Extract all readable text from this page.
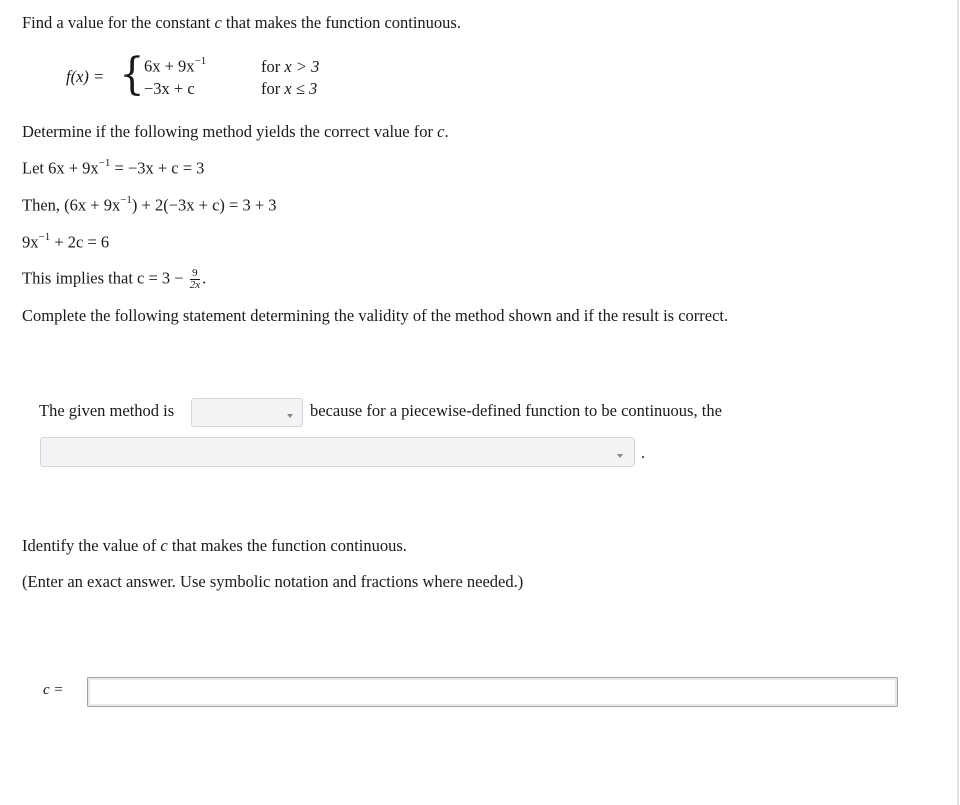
Find a value for the constant c that makes the function continuous.
f(x) = { $6x + 9x^{-1}$	for x > 3
−3x + c	for x ≤ 3
Determine if the following method yields the correct value for c.
Let $6x + 9x^{-1} = -3x + c = 3$
Then, $(6x + 9x^{-1}) + 2(-3x + c) = 3 + 3$
$9x^{-1} + 2c = 6$
This implies that $c = 3 - \frac{9}{2x}$ .
Complete the following statement determining the validity of the method shown and if the result is correct.
The given method is	because for a piecewise-defined function to be continuous, the
.
Identify the value of c that makes the function continuous.
(Enter an exact answer. Use symbolic notation and fractions where needed.)
c =
